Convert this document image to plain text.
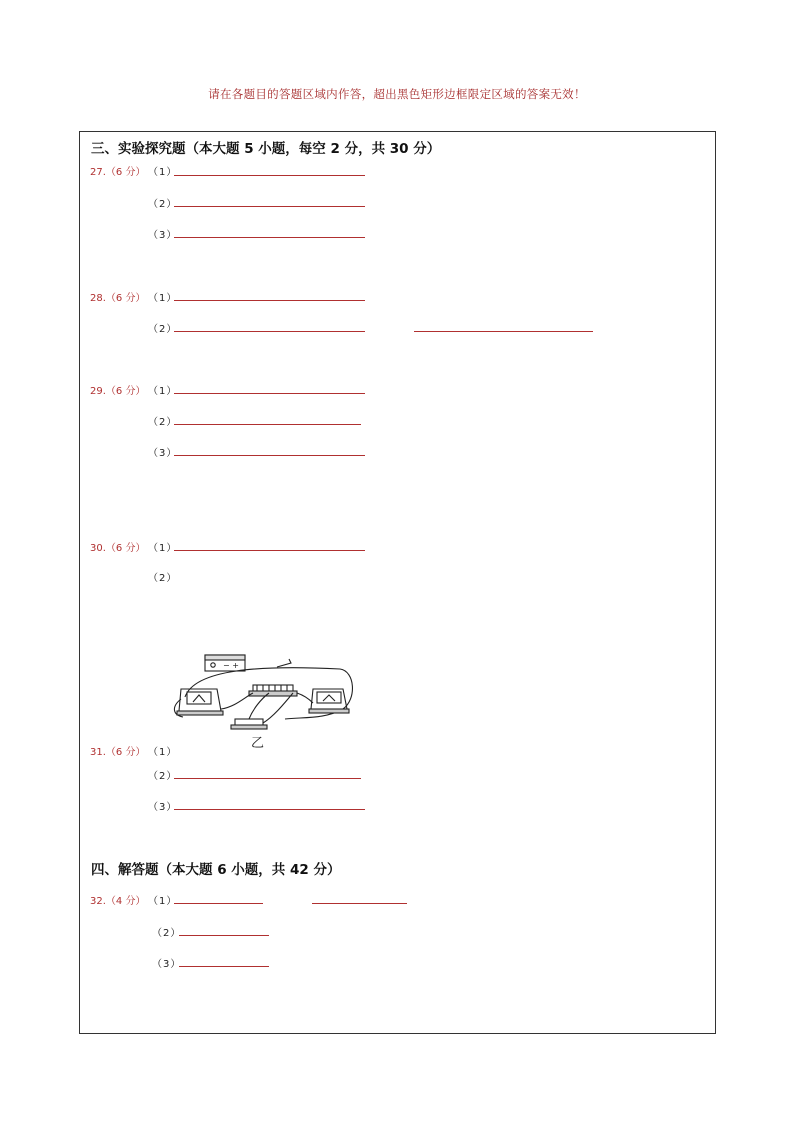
请在各题目的答题区域内作答，超出黑色矩形边框限定区域的答案无效！
三、实验探究题（本大题 5 小题，每空 2 分，共 30 分）
27.（6 分） （1）
（2）
（3）
28.（6 分） （1）
（2）
29.（6 分） （1）
（2）
（3）
30.（6 分） （1）
（2）
− +
乙
31.（6 分） （1）
（2）
（3）
四、解答题（本大题 6 小题，共 42 分）
32.（4 分） （1）
（2）
（3）
